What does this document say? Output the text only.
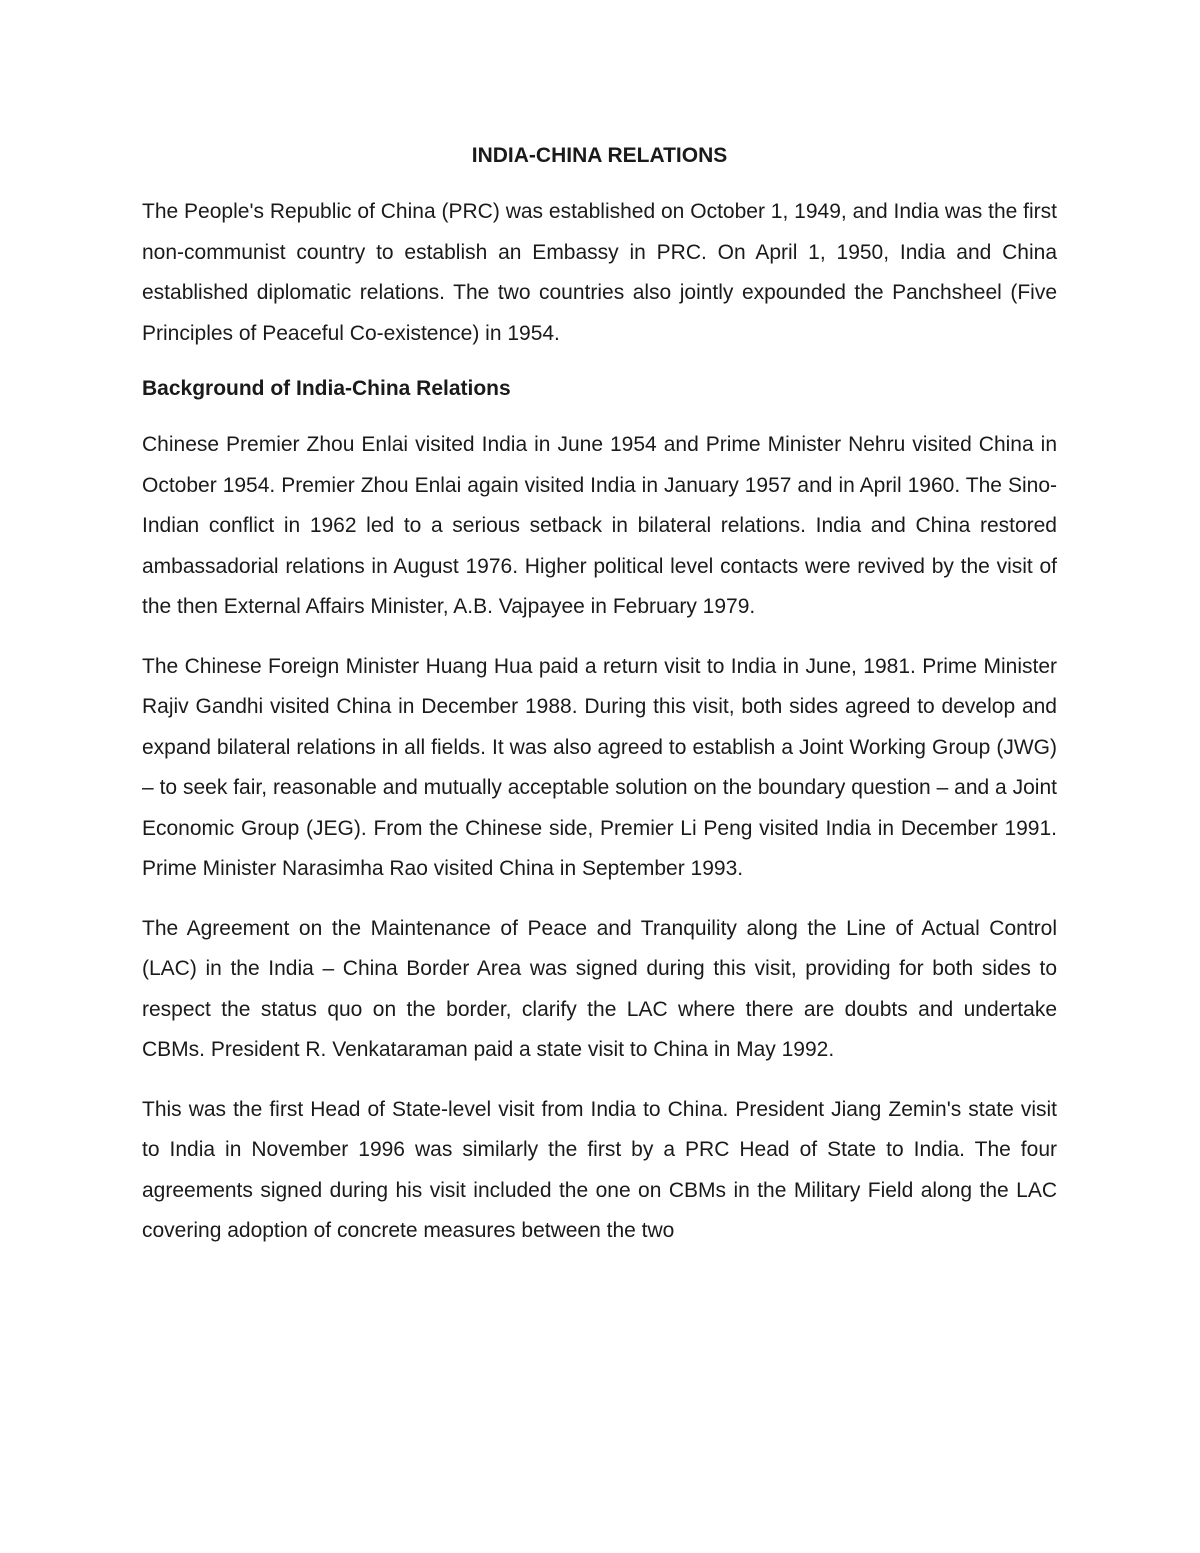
INDIA-CHINA RELATIONS

The People's Republic of China (PRC) was established on October 1, 1949, and India was the first non-communist country to establish an Embassy in PRC. On April 1, 1950, India and China established diplomatic relations. The two countries also jointly expounded the Panchsheel (Five Principles of Peaceful Co-existence) in 1954.

Background of India-China Relations

Chinese Premier Zhou Enlai visited India in June 1954 and Prime Minister Nehru visited China in October 1954. Premier Zhou Enlai again visited India in January 1957 and in April 1960. The Sino-Indian conflict in 1962 led to a serious setback in bilateral relations. India and China restored ambassadorial relations in August 1976. Higher political level contacts were revived by the visit of the then External Affairs Minister, A.B. Vajpayee in February 1979.

The Chinese Foreign Minister Huang Hua paid a return visit to India in June, 1981. Prime Minister Rajiv Gandhi visited China in December 1988. During this visit, both sides agreed to develop and expand bilateral relations in all fields. It was also agreed to establish a Joint Working Group (JWG) – to seek fair, reasonable and mutually acceptable solution on the boundary question – and a Joint Economic Group (JEG). From the Chinese side, Premier Li Peng visited India in December 1991. Prime Minister Narasimha Rao visited China in September 1993.

The Agreement on the Maintenance of Peace and Tranquility along the Line of Actual Control (LAC) in the India – China Border Area was signed during this visit, providing for both sides to respect the status quo on the border, clarify the LAC where there are doubts and undertake CBMs. President R. Venkataraman paid a state visit to China in May 1992.

This was the first Head of State-level visit from India to China. President Jiang Zemin's state visit to India in November 1996 was similarly the first by a PRC Head of State to India. The four agreements signed during his visit included the one on CBMs in the Military Field along the LAC covering adoption of concrete measures between the two
